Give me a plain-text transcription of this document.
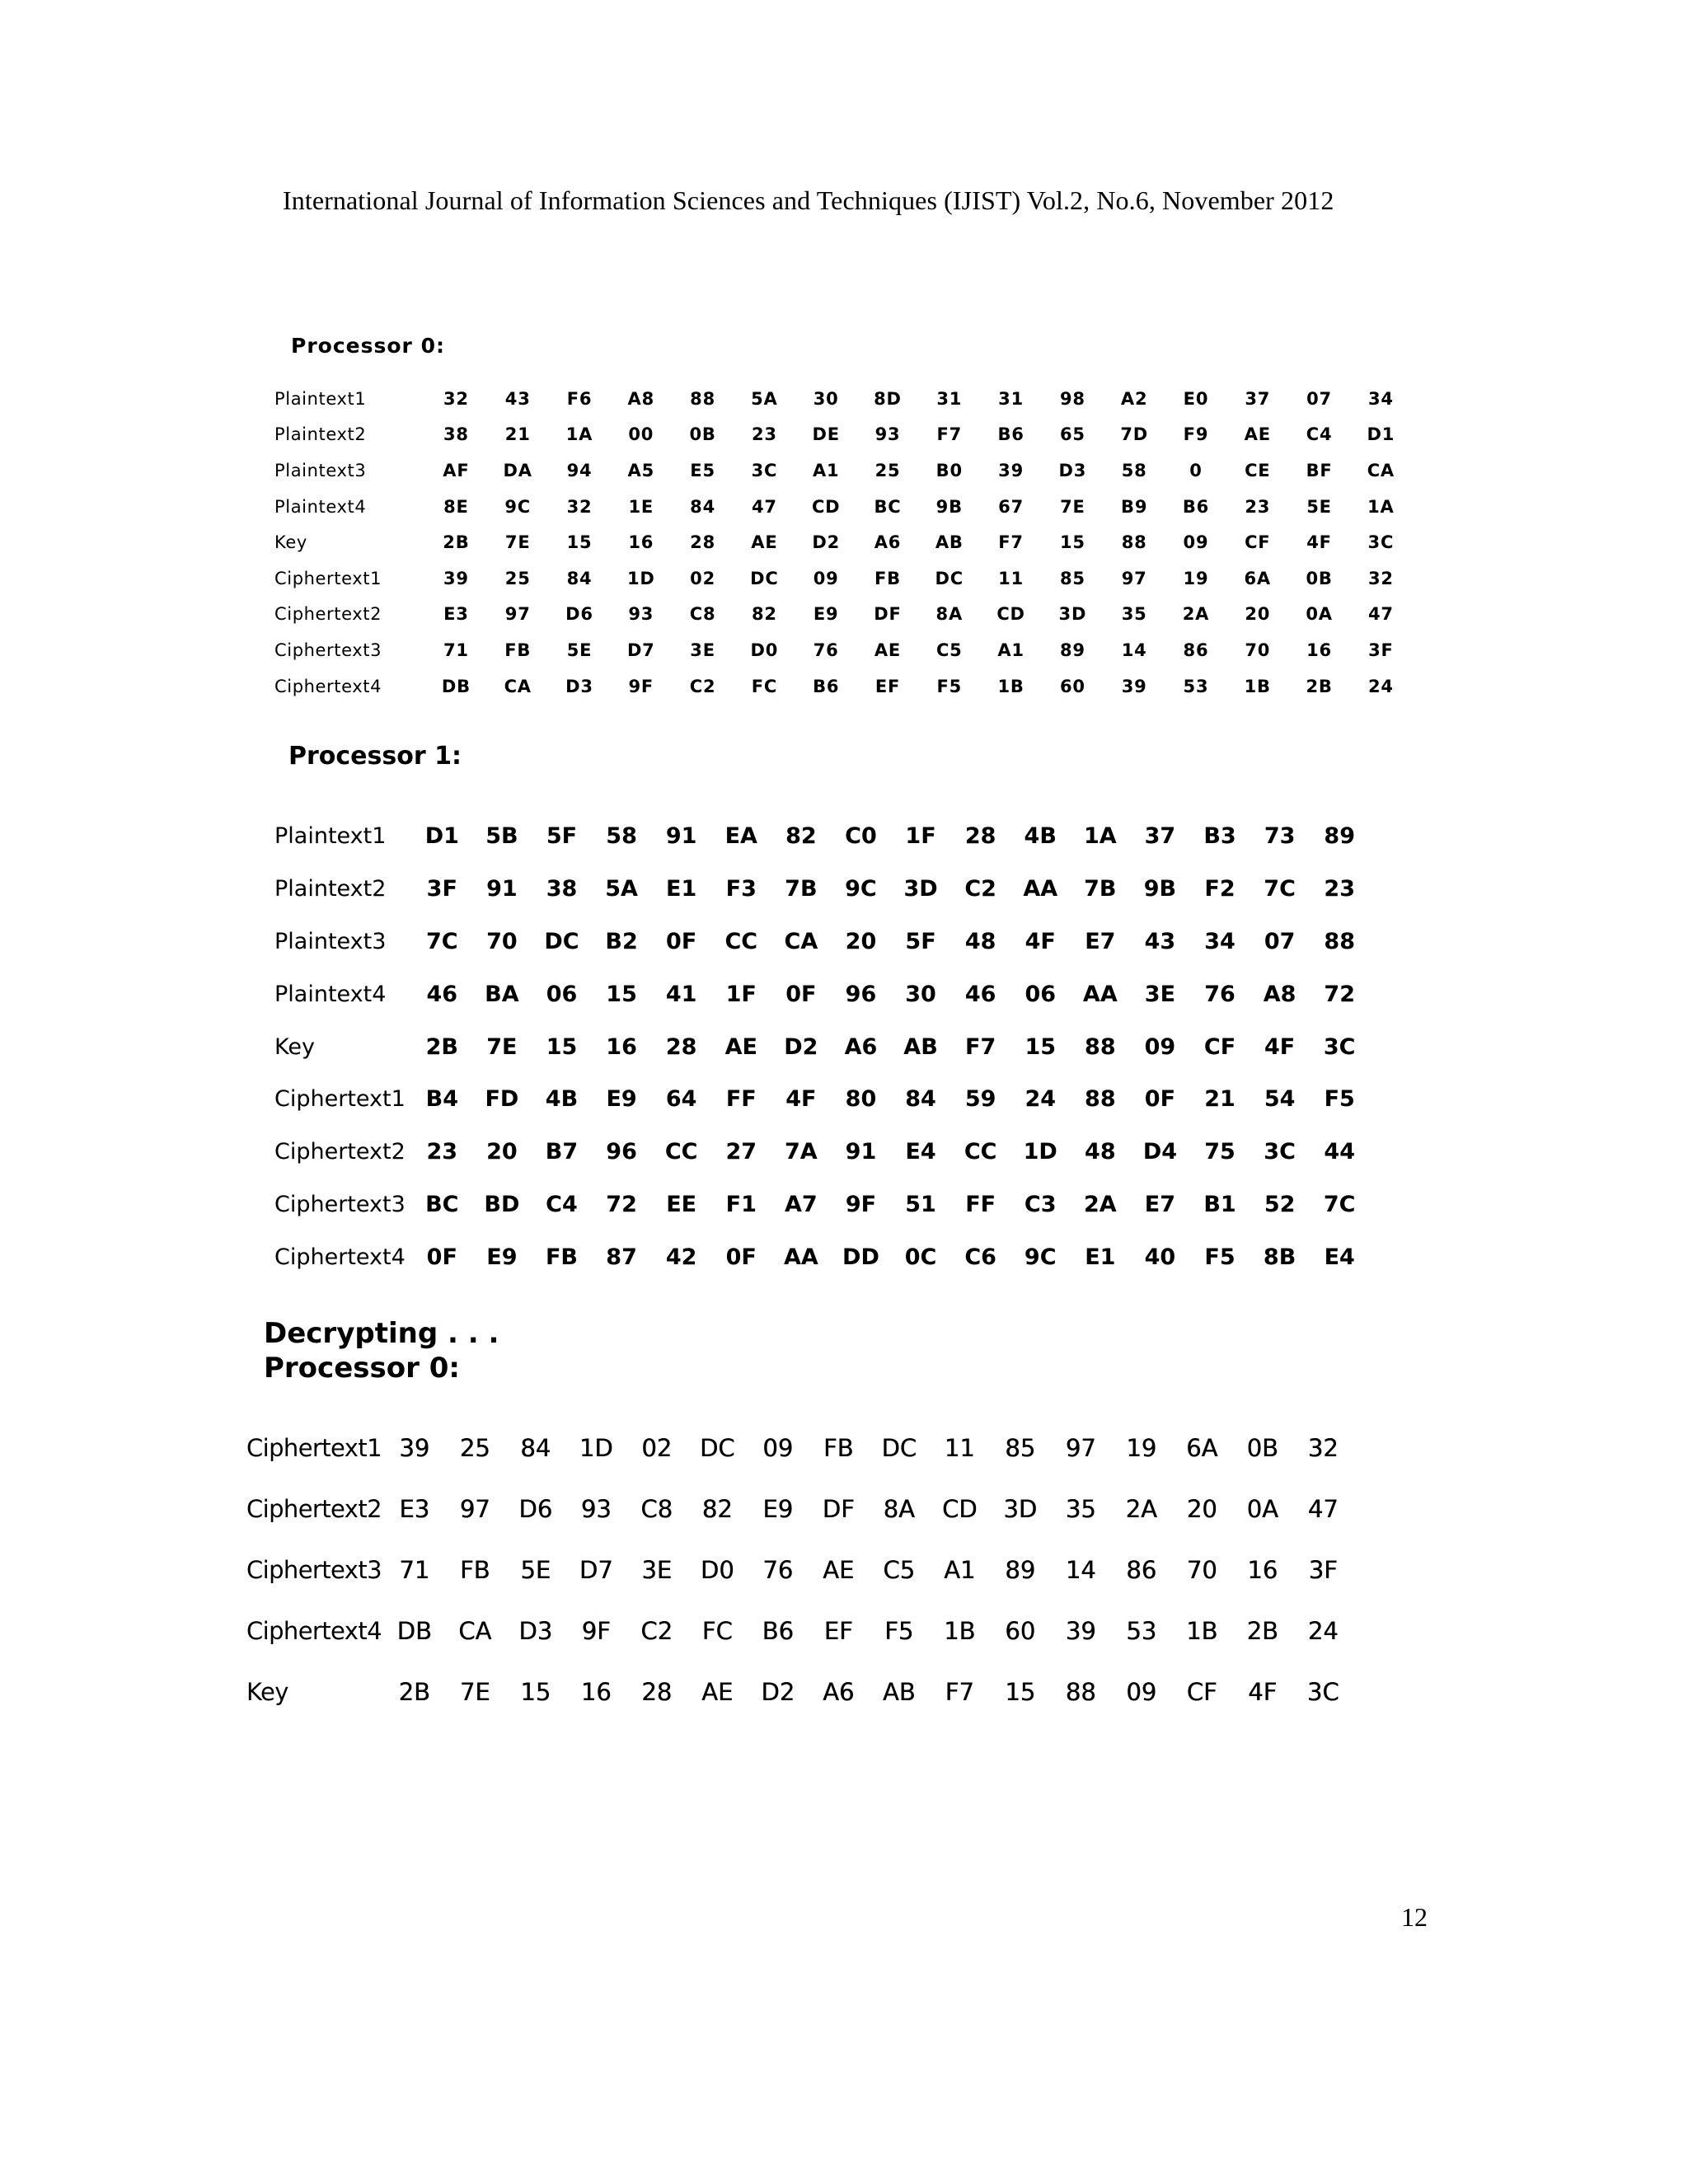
International Journal of Information Sciences and Techniques (IJIST) Vol.2, No.6, November 2012
Processor 0:
Plaintext1	32	43	F6	A8	88	5A	30	8D	31	31	98	A2	E0	37	07	34
Plaintext2	38	21	1A	00	0B	23	DE	93	F7	B6	65	7D	F9	AE	C4	D1
Plaintext3	AF	DA	94	A5	E5	3C	A1	25	B0	39	D3	58	0	CE	BF	CA
Plaintext4	8E	9C	32	1E	84	47	CD	BC	9B	67	7E	B9	B6	23	5E	1A
Key	2B	7E	15	16	28	AE	D2	A6	AB	F7	15	88	09	CF	4F	3C
Ciphertext1	39	25	84	1D	02	DC	09	FB	DC	11	85	97	19	6A	0B	32
Ciphertext2	E3	97	D6	93	C8	82	E9	DF	8A	CD	3D	35	2A	20	0A	47
Ciphertext3	71	FB	5E	D7	3E	D0	76	AE	C5	A1	89	14	86	70	16	3F
Ciphertext4	DB	CA	D3	9F	C2	FC	B6	EF	F5	1B	60	39	53	1B	2B	24
Processor 1:
Plaintext1	D1	5B	5F	58	91	EA	82	C0	1F	28	4B	1A	37	B3	73	89
Plaintext2	3F	91	38	5A	E1	F3	7B	9C	3D	C2	AA	7B	9B	F2	7C	23
Plaintext3	7C	70	DC	B2	0F	CC	CA	20	5F	48	4F	E7	43	34	07	88
Plaintext4	46	BA	06	15	41	1F	0F	96	30	46	06	AA	3E	76	A8	72
Key	2B	7E	15	16	28	AE	D2	A6	AB	F7	15	88	09	CF	4F	3C
Ciphertext1 B4	FD	4B	E9	64	FF	4F	80	84	59	24	88	0F	21	54	F5
Ciphertext2 23	20	B7	96	CC	27	7A	91	E4	CC	1D	48	D4	75	3C	44
Ciphertext3 BC	BD	C4	72	EE	F1	A7	9F	51	FF	C3	2A	E7	B1	52	7C
Ciphertext4 0F	E9	FB	87	42	0F	AA	DD	0C	C6	9C	E1	40	F5	8B	E4
Decrypting . . .
Processor 0:
Ciphertext1 39	25	84	1D	02	DC	09	FB	DC	11	85	97	19	6A	0B	32
Ciphertext2 E3	97	D6	93	C8	82	E9	DF	8A	CD	3D	35	2A	20	0A	47
Ciphertext3 71	FB	5E	D7	3E	D0	76	AE	C5	A1	89	14	86	70	16	3F
Ciphertext4 DB	CA	D3	9F	C2	FC	B6	EF	F5	1B	60	39	53	1B	2B	24
Key	2B	7E	15	16	28	AE	D2	A6	AB	F7	15	88	09	CF	4F	3C
12
